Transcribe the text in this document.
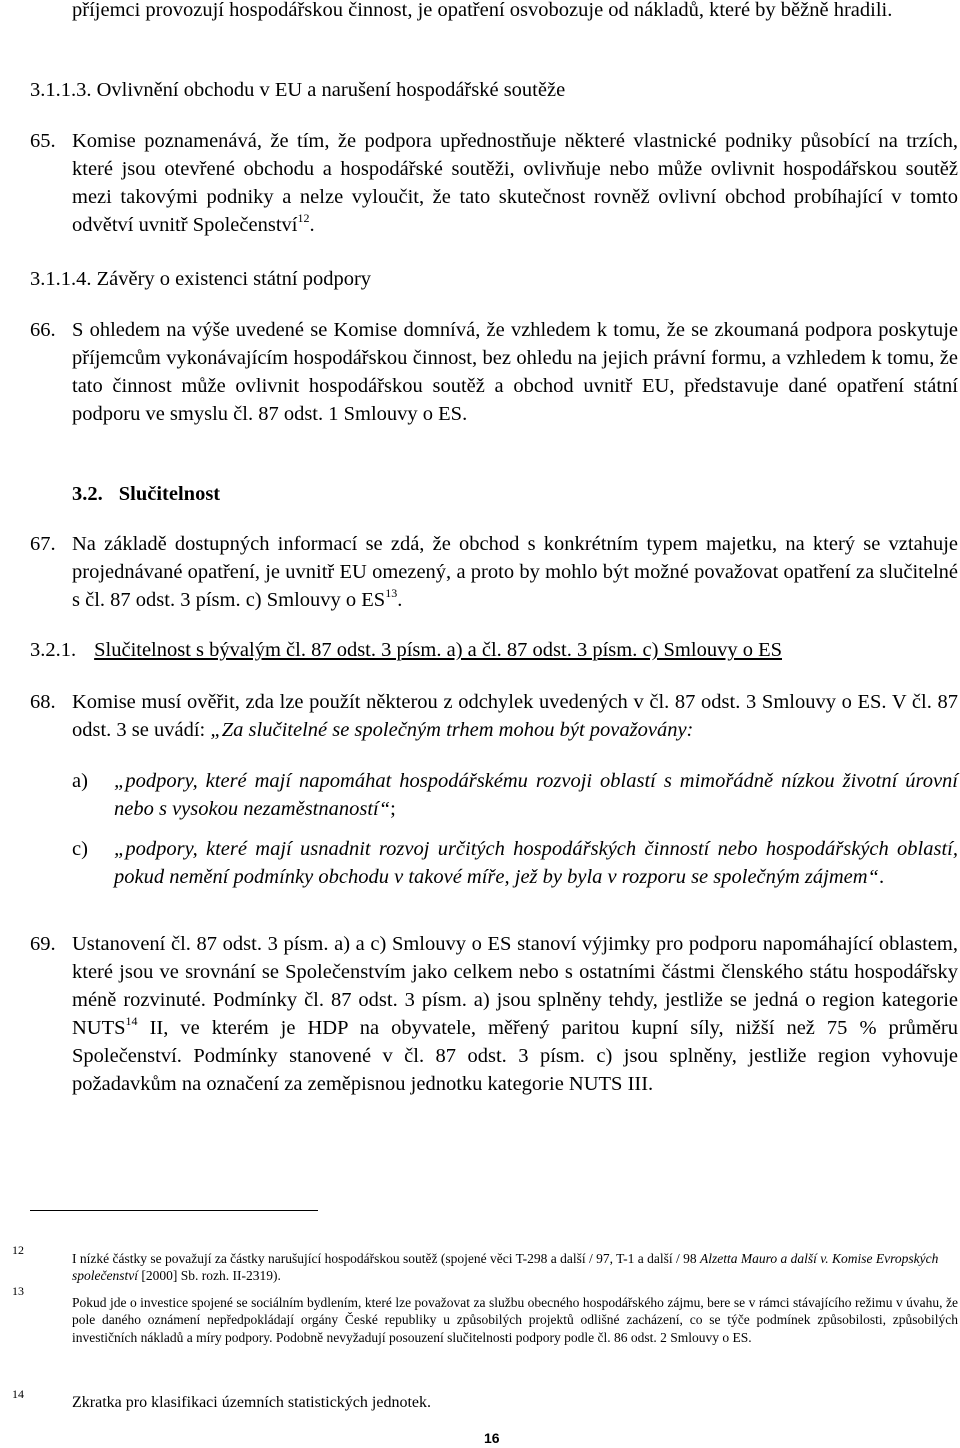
příjemci provozují hospodářskou činnost, je opatření osvobozuje od nákladů, které by běžně hradili.
3.1.1.3. Ovlivnění obchodu v EU a narušení hospodářské soutěže
65. Komise poznamenává, že tím, že podpora upřednostňuje některé vlastnické podniky působící na trzích, které jsou otevřené obchodu a hospodářské soutěži, ovlivňuje nebo může ovlivnit hospodářskou soutěž mezi takovými podniky a nelze vyloučit, že tato skutečnost rovněž ovlivní obchod probíhající v tomto odvětví uvnitř Společenství$^{12}$.
3.1.1.4. Závěry o existenci státní podpory
66. S ohledem na výše uvedené se Komise domnívá, že vzhledem k tomu, že se zkoumaná podpora poskytuje příjemcům vykonávajícím hospodářskou činnost, bez ohledu na jejich právní formu, a vzhledem k tomu, že tato činnost může ovlivnit hospodářskou soutěž a obchod uvnitř EU, představuje dané opatření státní podporu ve smyslu čl. 87 odst. 1 Smlouvy o ES.
3.2. Slučitelnost
67. Na základě dostupných informací se zdá, že obchod s konkrétním typem majetku, na který se vztahuje projednávané opatření, je uvnitř EU omezený, a proto by mohlo být možné považovat opatření za slučitelné s čl. 87 odst. 3 písm. c) Smlouvy o ES$^{13}$.
3.2.1. Slučitelnost s bývalým čl. 87 odst. 3 písm. a) a čl. 87 odst. 3 písm. c) Smlouvy o ES
68. Komise musí ověřit, zda lze použít některou z odchylek uvedených v čl. 87 odst. 3 Smlouvy o ES. V čl. 87 odst. 3 se uvádí: „Za slučitelné se společným trhem mohou být považovány:
a)	„podpory, které mají napomáhat hospodářskému rozvoji oblastí s mimořádně nízkou životní úrovní nebo s vysokou nezaměstnaností“;
c)	„podpory, které mají usnadnit rozvoj určitých hospodářských činností nebo hospodářských oblastí, pokud nemění podmínky obchodu v takové míře, jež by byla v rozporu se společným zájmem“.
69. Ustanovení čl. 87 odst. 3 písm. a) a c) Smlouvy o ES stanoví výjimky pro podporu napomáhající oblastem, které jsou ve srovnání se Společenstvím jako celkem nebo s ostatními částmi členského státu hospodářsky méně rozvinuté. Podmínky čl. 87 odst. 3 písm. a) jsou splněny tehdy, jestliže se jedná o region kategorie NUTS$^{14}$ II, ve kterém je HDP na obyvatele, měřený paritou kupní síly, nižší než 75 % průměru Společenství. Podmínky stanovené v čl. 87 odst. 3 písm. c) jsou splněny, jestliže region vyhovuje požadavkům na označení za zeměpisnou jednotku kategorie NUTS III.
12
I nízké částky se považují za částky narušující hospodářskou soutěž (spojené věci T-298 a další / 97, T-1 a další / 98 Alzetta Mauro a další v. Komise Evropských společenství [2000] Sb. rozh. II-2319).
13
Pokud jde o investice spojené se sociálním bydlením, které lze považovat za službu obecného hospodářského zájmu, bere se v rámci stávajícího režimu v úvahu, že pole daného oznámení nepředpokládají orgány České republiky u způsobilých projektů odlišné zacházení, co se týče podmínek způsobilosti, způsobilých investičních nákladů a míry podpory. Podobně nevyžadují posouzení slučitelnosti podpory podle čl. 86 odst. 2 Smlouvy o ES.
14	Zkratka pro klasifikaci územních statistických jednotek.
16
